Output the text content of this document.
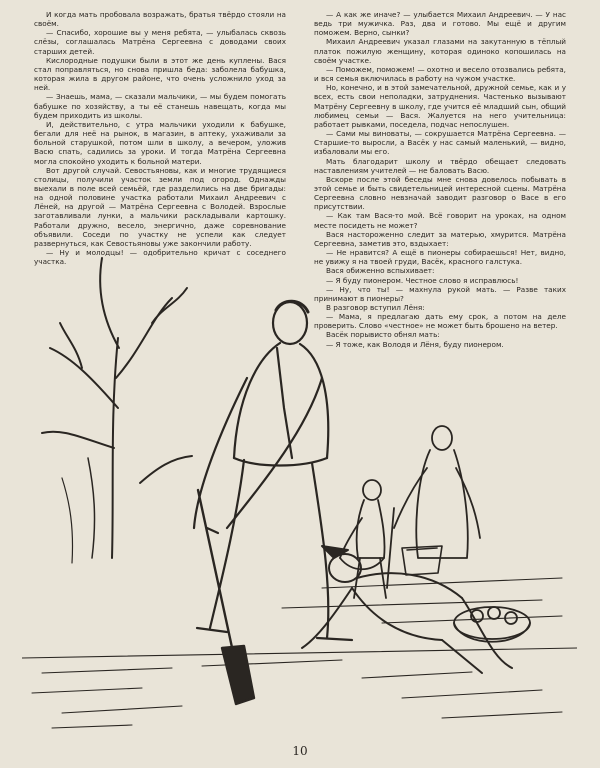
И когда мать пробовала возражать, братья твёрдо стояли на своём.

— Спасибо, хорошие вы у меня ребята, — улыбалась сквозь слёзы, соглашалась Матрёна Сергеевна с доводами своих старших детей.

Кислородные подушки были в этот же день куплены. Вася стал поправляться, но снова пришла беда: заболела бабушка, которая жила в другом районе, что очень усложнило уход за ней.

— Знаешь, мама, — сказали мальчики, — мы будем помогать бабушке по хозяйству, а ты её станешь навещать, когда мы будем приходить из школы.

И, действительно, с утра мальчики уходили к бабушке, бегали для неё на рынок, в магазин, в аптеку, ухаживали за больной старушкой, потом шли в школу, а вечером, уложив Васю спать, садились за уроки. И тогда Матрёна Сергеевна могла спокойно уходить к больной матери.

Вот другой случай. Севостьяновы, как и многие трудящиеся столицы, получили участок земли под огород. Однажды выехали в поле всей семьёй, где разделились на две бригады: на одной половине участка работали Михаил Андреевич с Лёней, на другой — Матрёна Сергеевна с Володей. Взрослые заготавливали лунки, а мальчики раскладывали картошку. Работали дружно, весело, энергично, даже соревнование объявили. Соседи по участку не успели как следует развернуться, как Севостьяновы уже закончили работу.

— Ну и молодцы! — одобрительно кричат с соседнего участка.

— А как же иначе? — улыбается Михаил Андреевич. — У нас ведь три мужичка. Раз, два и готово. Мы ещё и другим поможем. Верно, сынки?

Михаил Андреевич указал глазами на закутанную в тёплый платок пожилую женщину, которая одиноко копошилась на своём участке.

— Поможем, поможем! — охотно и весело отозвались ребята, и вся семья включилась в работу на чужом участке.

Но, конечно, и в этой замечательной, дружной семье, как и у всех, есть свои неполадки, затруднения. Частенько вызывают Матрёну Сергеевну в школу, где учится её младший сын, общий любимец семьи — Вася. Жалуется на него учительница: работает рывками, поседела, подчас непослушен.

— Сами мы виноваты, — сокрушается Матрёна Сергеевна. — Старшие-то выросли, а Васёк у нас самый маленький, — видно, избаловали мы его.

Мать благодарит школу и твёрдо обещает следовать наставлениям учителей — не баловать Васю.

Вскоре после этой беседы мне снова довелось побывать в этой семье и быть свидетельницей интересной сцены. Матрёна Сергеевна словно невзначай заводит разговор о Васе в его присутствии.

— Как там Вася-то мой. Всё говорит на уроках, на одном месте посидеть не может?

Вася настороженно следит за матерью, хмурится. Матрёна Сергеевна, заметив это, вздыхает:

— Не нравится? А ещё в пионеры собираешься! Нет, видно, не увижу я на твоей груди, Васёк, красного галстука.

Вася обиженно вспыхивает:

— Я буду пионером. Честное слово я исправлюсь!

— Ну, что ты! — махнула рукой мать. — Разве таких принимают в пионеры?

В разговор вступил Лёня:

— Мама, я предлагаю дать ему срок, а потом на деле проверить. Слово «честное» не может быть брошено на ветер.

Васёк порывисто обнял мать:

— Я тоже, как Володя и Лёня, буду пионером.

10
